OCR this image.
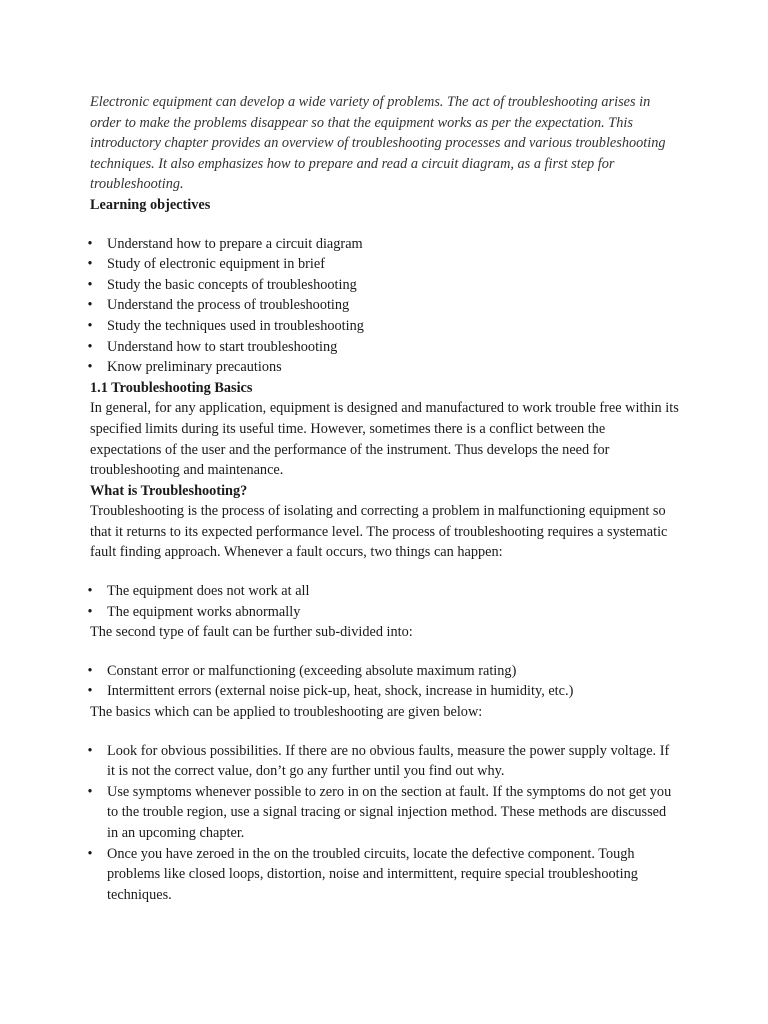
Electronic equipment can develop a wide variety of problems. The act of troubleshooting arises in order to make the problems disappear so that the equipment works as per the expectation. This introductory chapter provides an overview of troubleshooting processes and various troubleshooting techniques. It also emphasizes how to prepare and read a circuit diagram, as a first step for troubleshooting.

Learning objectives

• Understand how to prepare a circuit diagram
• Study of electronic equipment in brief
• Study the basic concepts of troubleshooting
• Understand the process of troubleshooting
• Study the techniques used in troubleshooting
• Understand how to start troubleshooting
• Know preliminary precautions

1.1 Troubleshooting Basics

In general, for any application, equipment is designed and manufactured to work trouble free within its specified limits during its useful time. However, sometimes there is a conflict between the expectations of the user and the performance of the instrument. Thus develops the need for troubleshooting and maintenance.

What is Troubleshooting?

Troubleshooting is the process of isolating and correcting a problem in malfunctioning equipment so that it returns to its expected performance level. The process of troubleshooting requires a systematic fault finding approach. Whenever a fault occurs, two things can happen:

• The equipment does not work at all
• The equipment works abnormally

The second type of fault can be further sub-divided into:

• Constant error or malfunctioning (exceeding absolute maximum rating)
• Intermittent errors (external noise pick-up, heat, shock, increase in humidity, etc.)

The basics which can be applied to troubleshooting are given below:

• Look for obvious possibilities. If there are no obvious faults, measure the power supply voltage. If it is not the correct value, don’t go any further until you find out why.
• Use symptoms whenever possible to zero in on the section at fault. If the symptoms do not get you to the trouble region, use a signal tracing or signal injection method. These methods are discussed in an upcoming chapter.
• Once you have zeroed in the on the troubled circuits, locate the defective component. Tough problems like closed loops, distortion, noise and intermittent, require special troubleshooting techniques.
